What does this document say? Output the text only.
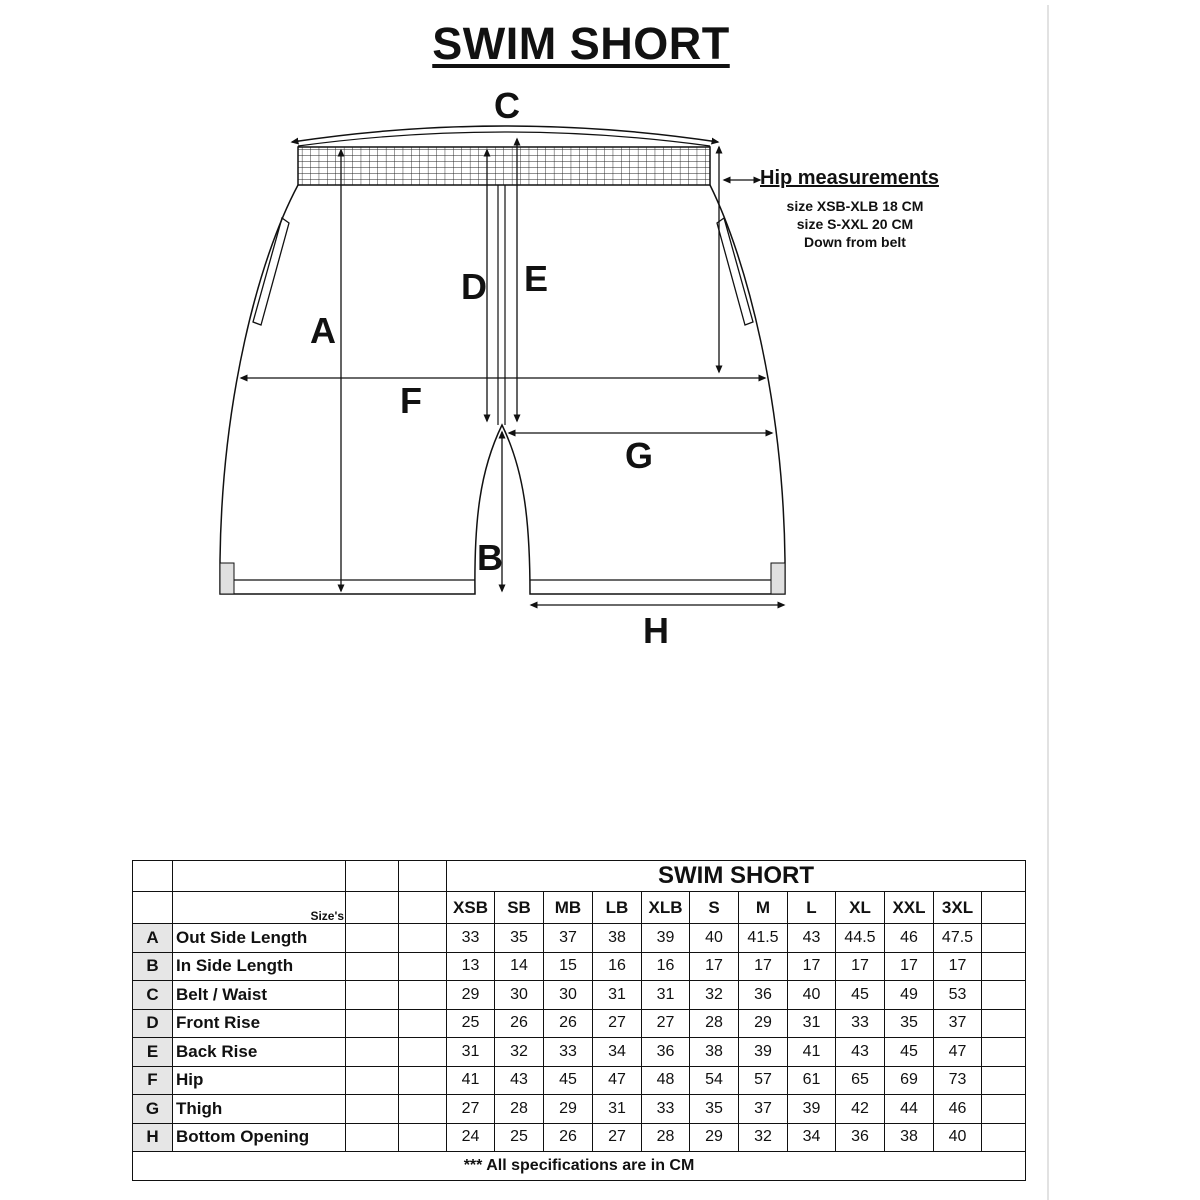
SWIM SHORT
C
A
D E
F
G
B
H
Hip measurements
size XSB-XLB 18 CM
size S-XXL 20 CM
Down from belt
				SWIM SHORT											
	Size's			XSB	SB	MB	LB	XLB	S	M	L	XL	XXL	3XL	
A	Out Side Length			33	35	37	38	39	40	41.5	43	44.5	46	47.5	
B	In Side Length			13	14	15	16	16	17	17	17	17	17	17	
C	Belt / Waist			29	30	30	31	31	32	36	40	45	49	53	
D	Front Rise			25	26	26	27	27	28	29	31	33	35	37	
E	Back Rise			31	32	33	34	36	38	39	41	43	45	47	
F	Hip			41	43	45	47	48	54	57	61	65	69	73	
G	Thigh			27	28	29	31	33	35	37	39	42	44	46	
H	Bottom Opening			24	25	26	27	28	29	32	34	36	38	40	
*** All specifications are in CM															
